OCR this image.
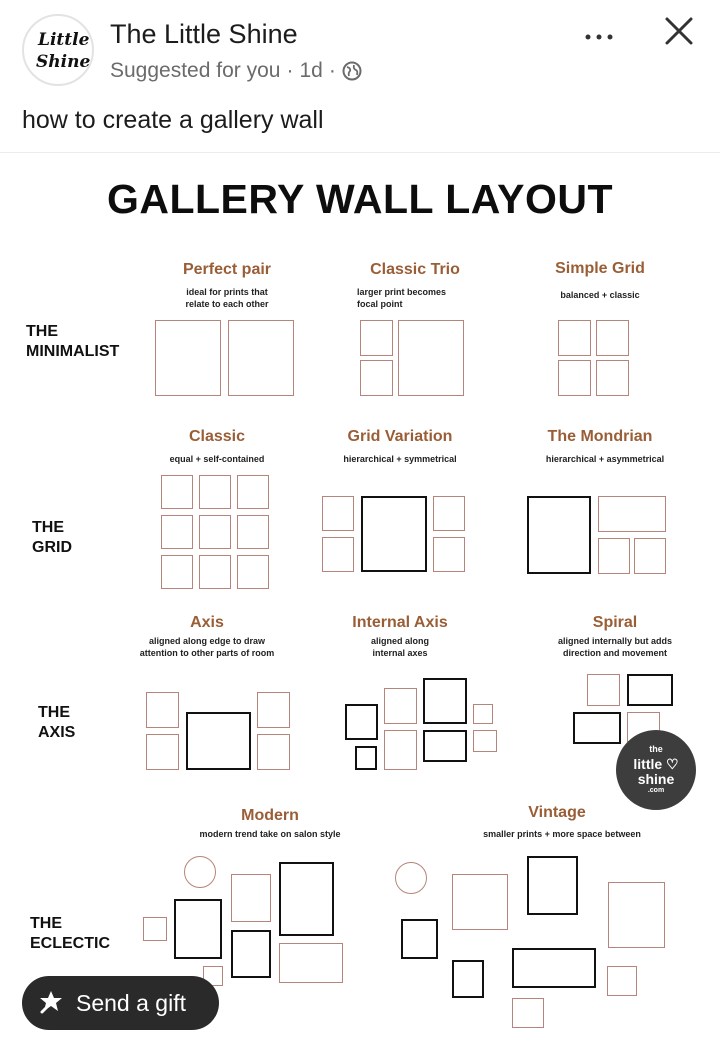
Little
Shine
The Little Shine
Suggested for you · 1d ·
how to create a gallery wall
GALLERY WALL LAYOUT
THE
MINIMALIST
THE
GRID
THE
AXIS
THE
ECLECTIC
Perfect pair
ideal for prints that
relate to each other
Classic Trio
larger print becomes
focal point
Simple Grid
balanced + classic
Classic
equal + self-contained
Grid Variation
hierarchical + symmetrical
The Mondrian
hierarchical + asymmetrical
Axis
aligned along edge to draw
attention to other parts of room
Internal Axis
aligned along
internal axes
Spiral
aligned internally but adds
direction and movement
the
little ♡
shine
.com
Modern
modern trend take on salon style
Vintage
smaller prints + more space between
Send a gift
